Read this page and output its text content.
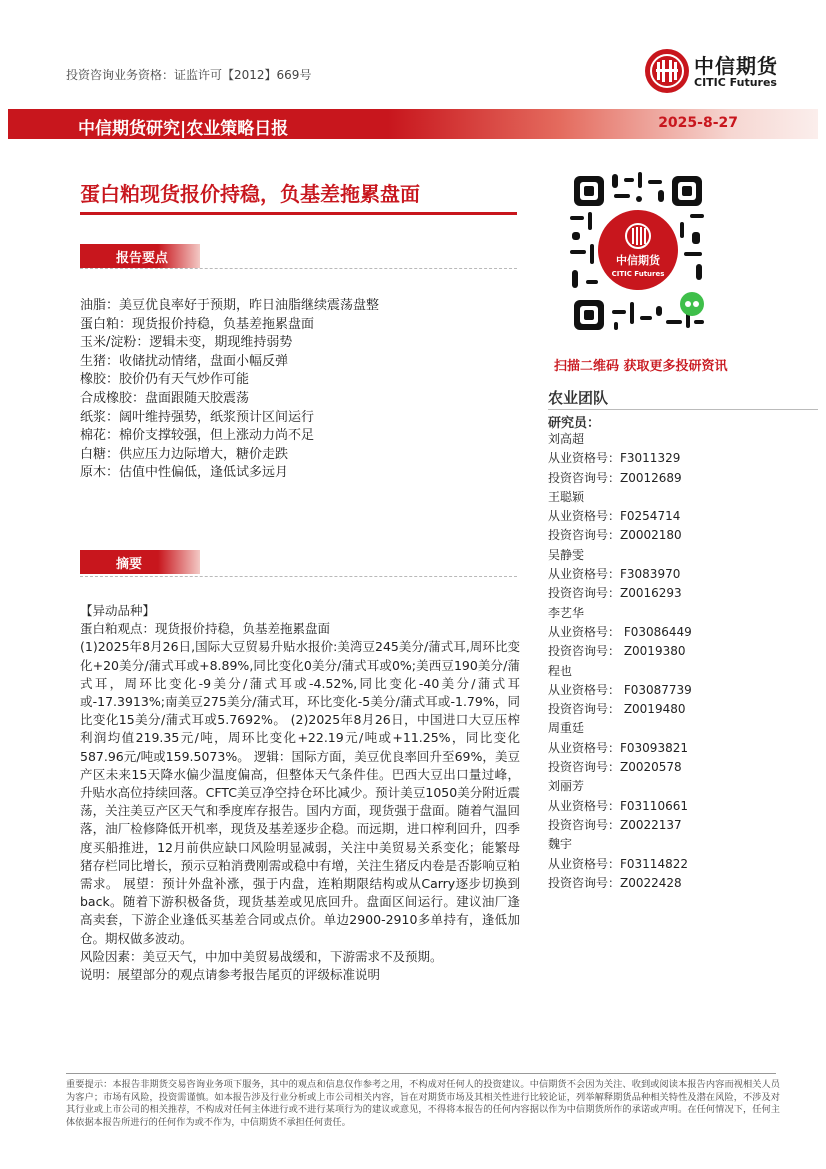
投资咨询业务资格：证监许可【2012】669号	中信期货
CITIC Futures
中信期货研究|农业策略日报	2025-8-27
蛋白粕现货报价持稳，负基差拖累盘面
报告要点
油脂：美豆优良率好于预期，昨日油脂继续震荡盘整
蛋白粕：现货报价持稳，负基差拖累盘面
玉米/淀粉：逻辑未变，期现维持弱势
生猪：收储扰动情绪，盘面小幅反弹
橡胶：胶价仍有天气炒作可能
合成橡胶：盘面跟随天胶震荡
纸浆：阔叶维持强势，纸浆预计区间运行
棉花：棉价支撑较强，但上涨动力尚不足
白糖：供应压力边际增大，糖价走跌
原木：估值中性偏低，逢低试多远月
摘要

【异动品种】

蛋白粕观点：现货报价持稳，负基差拖累盘面

(1)2025年8月26日,国际大豆贸易升贴水报价:美湾豆245美分/蒲式耳,周环比变化+20美分/蒲式耳或+8.89%,同比变化0美分/蒲式耳或0%;美西豆190美分/蒲式耳，周环比变化-9美分/蒲式耳或-4.52%,同比变化-40美分/蒲式耳或-17.3913%;南美豆275美分/蒲式耳，环比变化-5美分/蒲式耳或-1.79%，同比变化15美分/蒲式耳或5.7692%。 (2)2025年8月26日，中国进口大豆压榨利润均值219.35元/吨，周环比变化+22.19元/吨或+11.25%，同比变化587.96元/吨或159.5073%。 逻辑：国际方面，美豆优良率回升至69%，美豆产区未来15天降水偏少温度偏高，但整体天气条件佳。巴西大豆出口量过峰，升贴水高位持续回落。CFTC美豆净空持仓环比减少。预计美豆1050美分附近震荡，关注美豆产区天气和季度库存报告。国内方面，现货强于盘面。随着气温回落，油厂检修降低开机率，现货及基差逐步企稳。而远期，进口榨利回升，四季度买船推进，12月前供应缺口风险明显减弱，关注中美贸易关系变化；能繁母猪存栏同比增长，预示豆粕消费刚需或稳中有增，关注生猪反内卷是否影响豆粕需求。 展望：预计外盘补涨，强于内盘，连粕期限结构或从Carry逐步切换到back。随着下游积极备货，现货基差或见底回升。盘面区间运行。建议油厂逢高卖套，下游企业逢低买基差合同或点价。单边2900-2910多单持有，逢低加仓。期权做多波动。

风险因素：美豆天气，中加中美贸易战缓和，下游需求不及预期。

说明：展望部分的观点请参考报告尾页的评级标准说明

中信期货
CITIC Futures
扫描二维码 获取更多投研资讯
农业团队
研究员：
刘高超
从业资格号：F3011329
投资咨询号：Z0012689
王聪颖
从业资格号：F0254714
投资咨询号：Z0002180
吴静雯
从业资格号：F3083970
投资咨询号：Z0016293
李艺华
从业资格号： F03086449
投资咨询号： Z0019380
程也
从业资格号： F03087739
投资咨询号： Z0019480
周重廷
从业资格号：F03093821
投资咨询号：Z0020578
刘丽芳
从业资格号：F03110661
投资咨询号：Z0022137
魏宇
从业资格号：F03114822
投资咨询号：Z0022428
重要提示：本报告非期货交易咨询业务项下服务，其中的观点和信息仅作参考之用，不构成对任何人的投资建议。中信期货不会因为关注、收到或阅读本报告内容而视相关人员为客户；市场有风险，投资需谨慎。如本报告涉及行业分析或上市公司相关内容，旨在对期货市场及其相关性进行比较论证，列举解释期货品种相关特性及潜在风险，不涉及对其行业或上市公司的相关推荐，不构成对任何主体进行或不进行某项行为的建议或意见，不得将本报告的任何内容据以作为中信期货所作的承诺或声明。在任何情况下，任何主体依据本报告所进行的任何作为或不作为，中信期货不承担任何责任。
